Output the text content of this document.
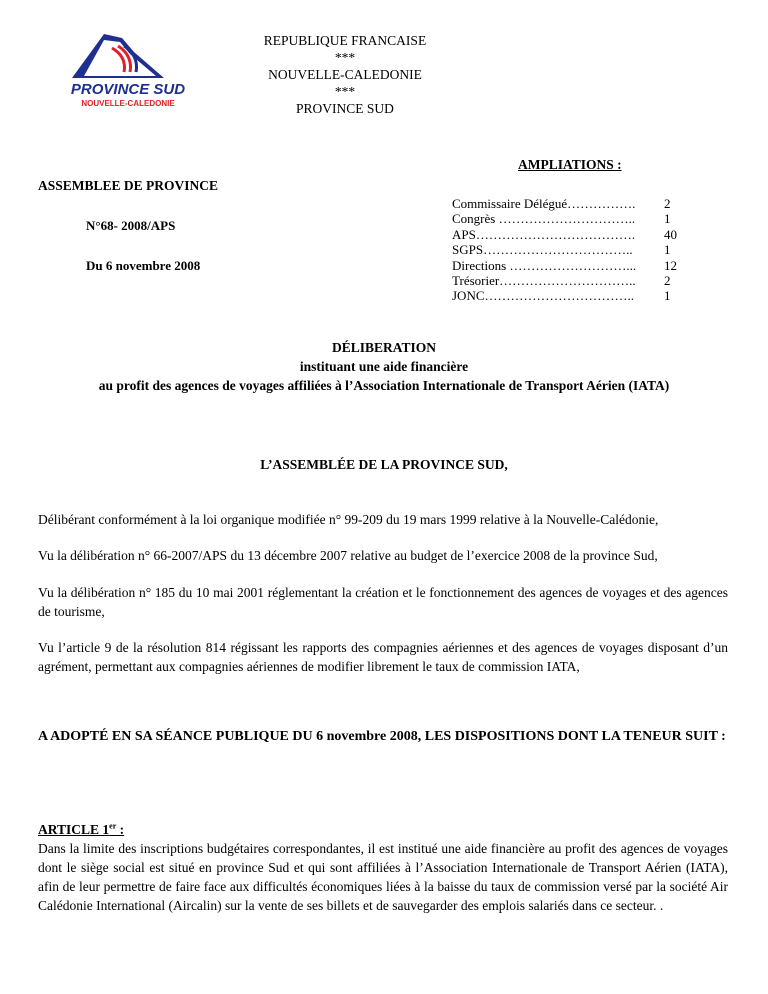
PROVINCE SUD
NOUVELLE-CALEDONIE
REPUBLIQUE FRANCAISE
***
NOUVELLE-CALEDONIE
***
PROVINCE SUD
AMPLIATIONS :
Commissaire Délégué…………….	2
Congrès …………………………..	1
APS……………………………….	40
SGPS……………………………..	1
Directions ………………………...	12
Trésorier…………………………..	2
JONC……………………………..	1
ASSEMBLEE DE PROVINCE
N°68- 2008/APS
Du 6 novembre 2008
DÉLIBERATION
instituant une aide financière
au profit des agences de voyages affiliées à l’Association Internationale de Transport Aérien (IATA)
L’ASSEMBLÉE DE LA PROVINCE SUD,
Délibérant conformément à la loi organique modifiée n° 99-209 du 19 mars 1999 relative à la Nouvelle-Calédonie,
Vu la délibération n° 66-2007/APS du 13 décembre 2007 relative au budget de l’exercice 2008 de la province Sud,
Vu la délibération n° 185 du 10 mai 2001 réglementant la création et le fonctionnement des agences de voyages et des agences de tourisme,
Vu l’article 9 de la résolution 814 régissant les rapports des compagnies aériennes et des agences de voyages disposant d’un agrément, permettant aux compagnies aériennes de modifier librement le taux de commission IATA,
A ADOPTÉ EN SA SÉANCE PUBLIQUE DU 6 novembre 2008, LES DISPOSITIONS DONT LA TENEUR SUIT :
ARTICLE 1er :
Dans la limite des inscriptions budgétaires correspondantes, il est institué une aide financière au profit des agences de voyages dont le siège social est situé en province Sud et qui sont affiliées à l’Association Internationale de Transport Aérien (IATA), afin de leur permettre de faire face aux difficultés économiques liées à la baisse du taux de commission versé par la société Air Calédonie International (Aircalin) sur la vente de ses billets et de sauvegarder des emplois salariés dans ce secteur. .
